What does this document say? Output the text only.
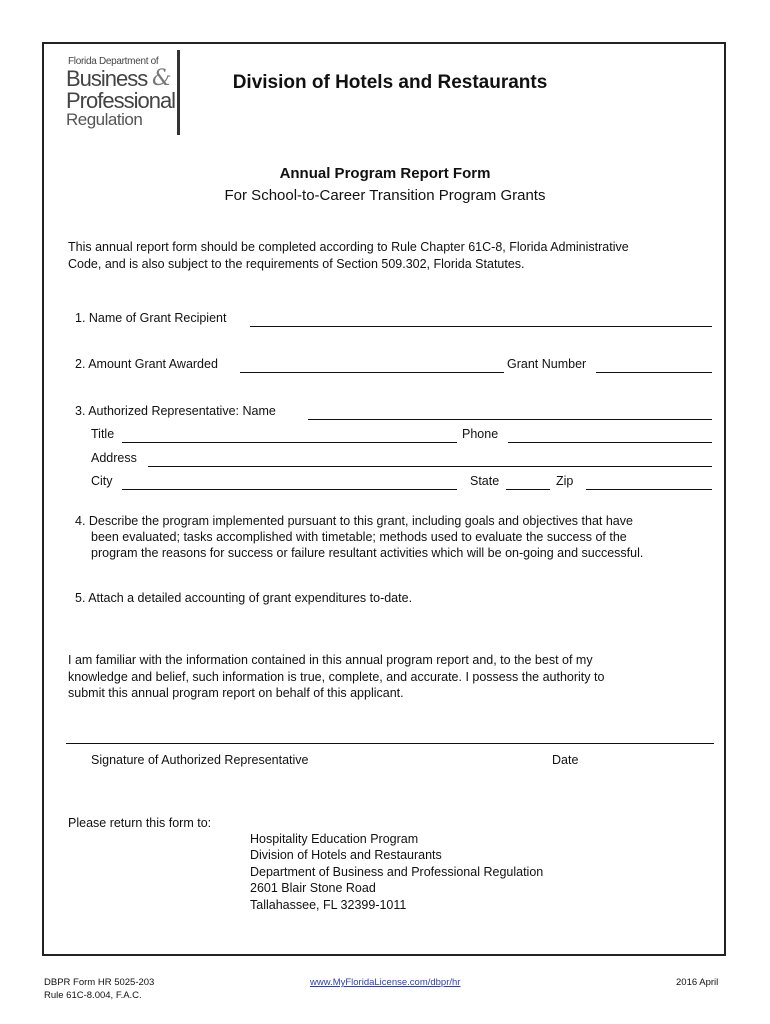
Florida Department of
Business &
Professional
Regulation
Division of Hotels and Restaurants
Annual Program Report Form
For School-to-Career Transition Program Grants
This annual report form should be completed according to Rule Chapter 61C-8, Florida Administrative
Code, and is also subject to the requirements of Section 509.302, Florida Statutes.
1. Name of Grant Recipient
2. Amount Grant Awarded	Grant Number
3. Authorized Representative: Name
Title	Phone
Address
City	State	Zip
4. Describe the program implemented pursuant to this grant, including goals and objectives that have
been evaluated; tasks accomplished with timetable; methods used to evaluate the success of the
program the reasons for success or failure resultant activities which will be on-going and successful.
5. Attach a detailed accounting of grant expenditures to-date.
I am familiar with the information contained in this annual program report and, to the best of my
knowledge and belief, such information is true, complete, and accurate. I possess the authority to
submit this annual program report on behalf of this applicant.
Signature of Authorized Representative	Date
Please return this form to:
Hospitality Education Program
Division of Hotels and Restaurants
Department of Business and Professional Regulation
2601 Blair Stone Road
Tallahassee, FL 32399-1011
DBPR Form HR 5025-203
Rule 61C-8.004, F.A.C.
www.MyFloridaLicense.com/dbpr/hr	2016 April
